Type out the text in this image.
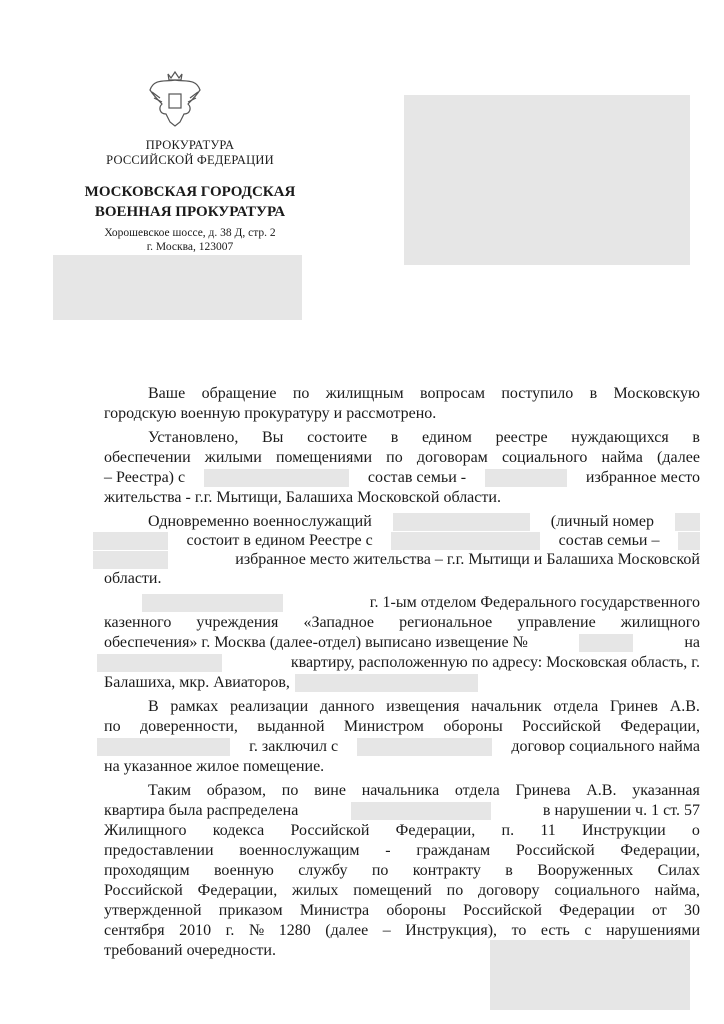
ПРОКУРАТУРА
РОССИЙСКОЙ ФЕДЕРАЦИИ
МОСКОВСКАЯ ГОРОДСКАЯ
ВОЕННАЯ ПРОКУРАТУРА
Хорошевское шоссе, д. 38 Д, стр. 2
г. Москва, 123007
Ваше обращение по жилищным вопросам поступило в Московскую
городскую военную прокуратуру и рассмотрено.
Установлено, Вы состоите в едином реестре нуждающихся в
обеспечении жилыми помещениями по договорам социального найма (далее
– Реестра) с	состав семьи -	избранное место
жительства - г.г. Мытищи, Балашиха Московской области.
Одновременно военнослужащий	(личный номер
состоит в едином Реестре с	состав семьи –
избранное место жительства – г.г. Мытищи и Балашиха Московской
области.
г. 1-ым отделом Федерального государственного
казенного учреждения «Западное региональное управление жилищного
обеспечения» г. Москва (далее-отдел) выписано извещение №	на
квартиру, расположенную по адресу: Московская область, г.
Балашиха, мкр. Авиаторов,
В рамках реализации данного извещения начальник отдела Гринев А.В.
по доверенности, выданной Министром обороны Российской Федерации,
г. заключил с	договор социального найма
на указанное жилое помещение.
Таким образом, по вине начальника отдела Гринева А.В. указанная
квартира была распределена	в нарушении ч. 1 ст. 57
Жилищного кодекса Российской Федерации, п. 11 Инструкции о
предоставлении военнослужащим - гражданам Российской Федерации,
проходящим военную службу по контракту в Вооруженных Силах
Российской Федерации, жилых помещений по договору социального найма,
утвержденной приказом Министра обороны Российской Федерации от 30
сентября 2010 г. № 1280 (далее – Инструкция), то есть с нарушениями
требований очередности.
